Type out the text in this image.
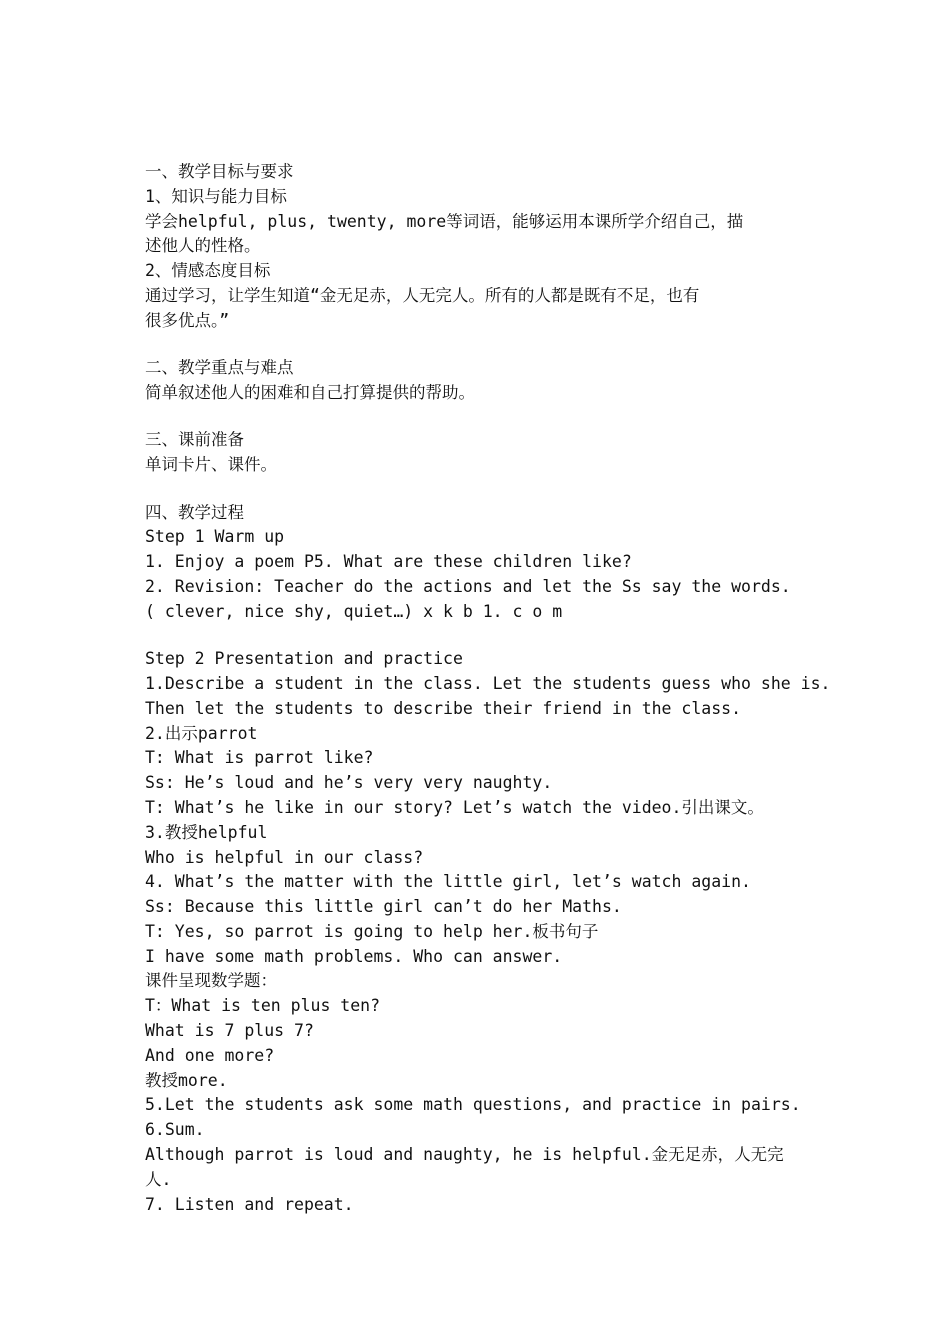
一、教学目标与要求
1、知识与能力目标
学会helpful, plus, twenty, more等词语，能够运用本课所学介绍自己，描
述他人的性格。
2、情感态度目标
通过学习，让学生知道“金无足赤，人无完人。所有的人都是既有不足，也有
很多优点。”
二、教学重点与难点
简单叙述他人的困难和自己打算提供的帮助。
三、课前准备
单词卡片、课件。
四、教学过程
Step 1 Warm up
1. Enjoy a poem P5. What are these children like?
2. Revision: Teacher do the actions and let the Ss say the words.
( clever, nice shy, quiet…) x k b 1. c o m
Step 2 Presentation and practice
1.Describe a student in the class. Let the students guess who she is.
Then let the students to describe their friend in the class.
2.出示parrot
T: What is parrot like?
Ss: He’s loud and he’s very very naughty.
T: What’s he like in our story? Let’s watch the video.引出课文。
3.教授helpful
Who is helpful in our class?
4. What’s the matter with the little girl, let’s watch again.
Ss: Because this little girl can’t do her Maths.
T: Yes, so parrot is going to help her.板书句子
I have some math problems. Who can answer.
课件呈现数学题：
T：What is ten plus ten?
What is 7 plus 7?
And one more?
教授more.
5.Let the students ask some math questions, and practice in pairs.
6.Sum.
Although parrot is loud and naughty, he is helpful.金无足赤，人无完
人.
7. Listen and repeat.
